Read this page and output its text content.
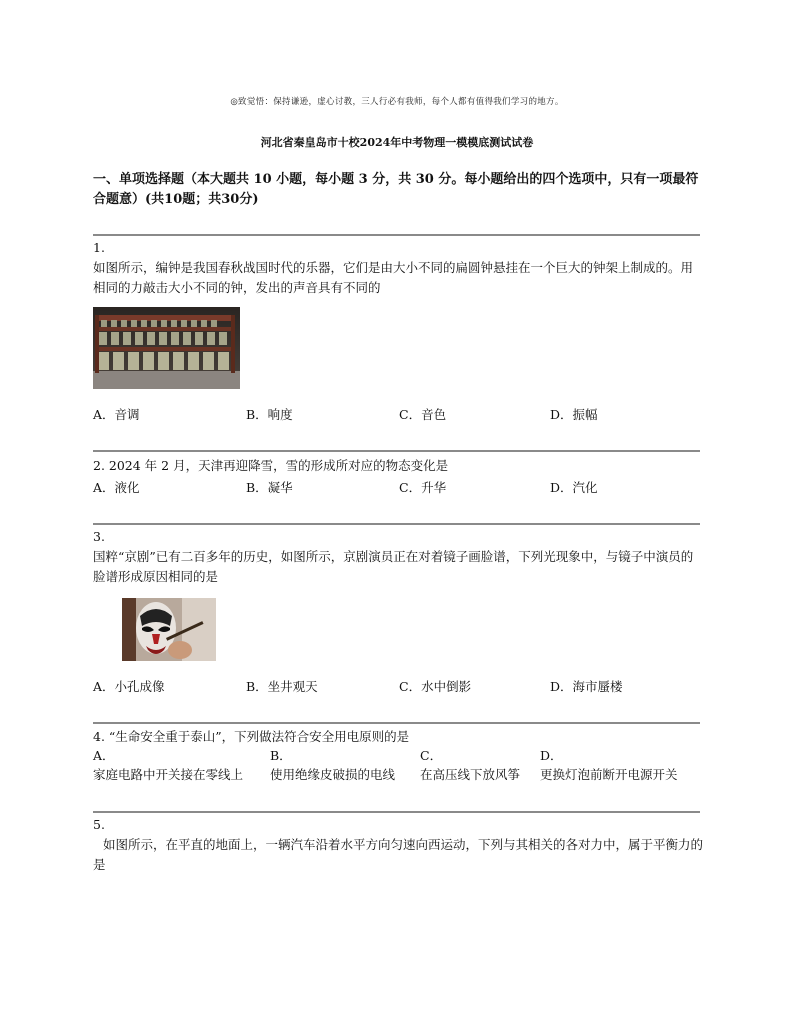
◎致觉悟：保持谦逊，虚心讨教，三人行必有我师，每个人都有值得我们学习的地方。
河北省秦皇岛市十校2024年中考物理一模模底测试试卷
一、单项选择题（本大题共 10 小题，每小题 3 分，共 30 分。每小题给出的四个选项中，只有一项最符合题意）(共10题；共30分)
1.
如图所示，编钟是我国春秋战国时代的乐器，它们是由大小不同的扁圆钟悬挂在一个巨大的钟架上制成的。用相同的力敲击大小不同的钟，发出的声音具有不同的
A．音调	B．响度	C．音色	D．振幅
2. 2024 年 2 月，天津再迎降雪，雪的形成所对应的物态变化是
A．液化	B．凝华	C．升华	D．汽化
3.
国粹“京剧”已有二百多年的历史，如图所示，京剧演员正在对着镜子画脸谱，下列光现象中，与镜子中演员的脸谱形成原因相同的是
A．小孔成像	B．坐井观天	C．水中倒影	D．海市蜃楼
4. “生命安全重于泰山”，下列做法符合安全用电原则的是
A．
家庭电路中开关接在零线上
B．
使用绝缘皮破损的电线
C．
在高压线下放风筝
D．
更换灯泡前断开电源开关
5.
如图所示，在平直的地面上，一辆汽车沿着水平方向匀速向西运动，下列与其相关的各对力中，属于平衡力的是
